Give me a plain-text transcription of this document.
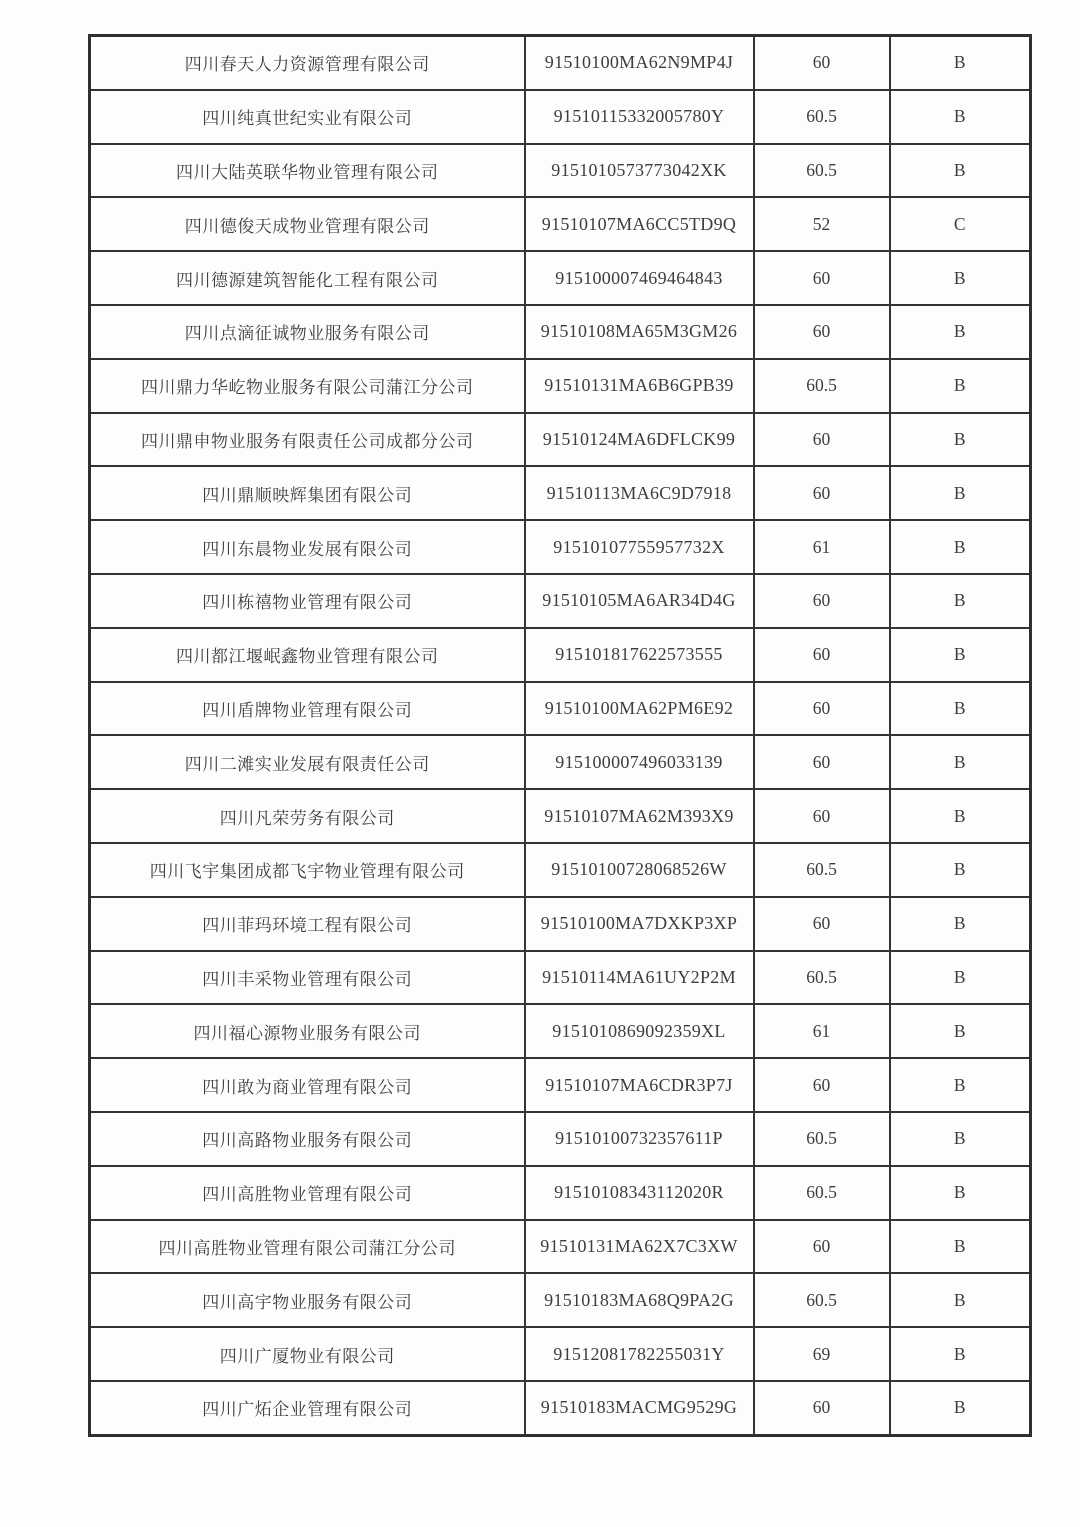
四川春天人力资源管理有限公司	91510100MA62N9MP4J	60	B
四川纯真世纪实业有限公司	91510115332005780Y	60.5	B
四川大陆英联华物业管理有限公司	9151010573773042XK	60.5	B
四川德俊天成物业管理有限公司	91510107MA6CC5TD9Q	52	C
四川德源建筑智能化工程有限公司	915100007469464843	60	B
四川点滴征诚物业服务有限公司	91510108MA65M3GM26	60	B
四川鼎力华屹物业服务有限公司蒲江分公司	91510131MA6B6GPB39	60.5	B
四川鼎申物业服务有限责任公司成都分公司	91510124MA6DFLCK99	60	B
四川鼎顺映辉集团有限公司	91510113MA6C9D7918	60	B
四川东晨物业发展有限公司	91510107755957732X	61	B
四川栋禧物业管理有限公司	91510105MA6AR34D4G	60	B
四川都江堰岷鑫物业管理有限公司	915101817622573555	60	B
四川盾牌物业管理有限公司	91510100MA62PM6E92	60	B
四川二滩实业发展有限责任公司	915100007496033139	60	B
四川凡荣劳务有限公司	91510107MA62M393X9	60	B
四川飞宇集团成都飞宇物业管理有限公司	91510100728068526W	60.5	B
四川菲玛环境工程有限公司	91510100MA7DXKP3XP	60	B
四川丰采物业管理有限公司	91510114MA61UY2P2M	60.5	B
四川福心源物业服务有限公司	9151010869092359XL	61	B
四川敢为商业管理有限公司	91510107MA6CDR3P7J	60	B
四川高路物业服务有限公司	91510100732357611P	60.5	B
四川高胜物业管理有限公司	91510108343112020R	60.5	B
四川高胜物业管理有限公司蒲江分公司	91510131MA62X7C3XW	60	B
四川高宇物业服务有限公司	91510183MA68Q9PA2G	60.5	B
四川广厦物业有限公司	91512081782255031Y	69	B
四川广炻企业管理有限公司	91510183MACMG9529G	60	B
